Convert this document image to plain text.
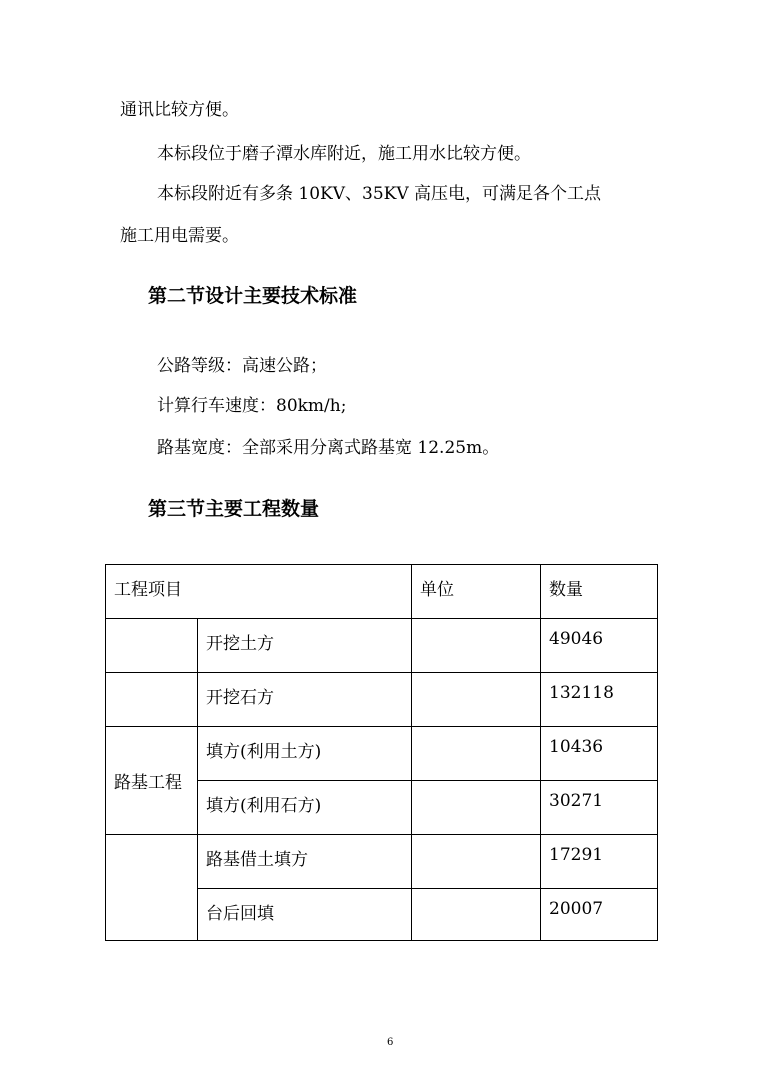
通讯比较方便。
本标段位于磨子潭水库附近，施工用水比较方便。
本标段附近有多条 10KV、35KV 高压电，可满足各个工点
施工用电需要。
第二节设计主要技术标准
公路等级：高速公路；
计算行车速度：80km/h;
路基宽度：全部采用分离式路基宽 12.25m。
第三节主要工程数量
工程项目		单位	数量
	开挖土方		49046
	开挖石方		132118
路基工程	填方(利用土方)		10436
	填方(利用石方)		30271
	路基借土填方		17291
	台后回填		20007
6
